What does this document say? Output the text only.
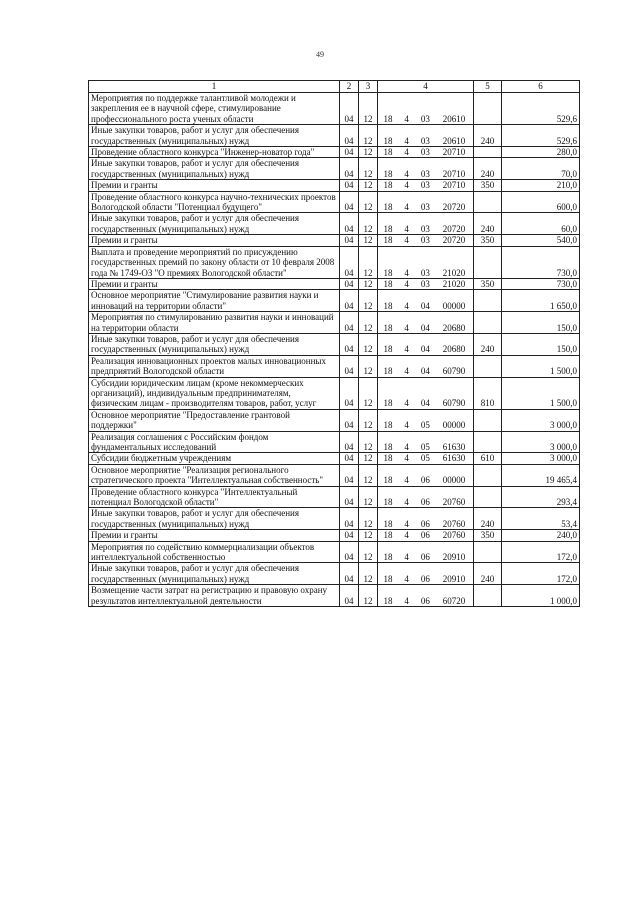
49
1	2	3	4	5	6
Мероприятия по поддержке талантливой молодежи и закрепления ее в научной сфере, стимулирование профессионального роста ученых области	04	12	18 4 03 20610		529,6
Иные закупки товаров, работ и услуг для обеспечения государственных (муниципальных) нужд	04	12	18 4 03 20610	240	529,6
Проведение областного конкурса "Инженер-новатор года"	04	12	18 4 03 20710		280,0
Иные закупки товаров, работ и услуг для обеспечения государственных (муниципальных) нужд	04	12	18 4 03 20710	240	70,0
Премии и гранты	04	12	18 4 03 20710	350	210,0
Проведение областного конкурса научно-технических проектов Вологодской области "Потенциал будущего"	04	12	18 4 03 20720		600,0
Иные закупки товаров, работ и услуг для обеспечения государственных (муниципальных) нужд	04	12	18 4 03 20720	240	60,0
Премии и гранты	04	12	18 4 03 20720	350	540,0
Выплата и проведение мероприятий по присуждению государственных премий по закону области от 10 февраля 2008 года № 1749-ОЗ "О премиях Вологодской области"	04	12	18 4 03 21020		730,0
Премии и гранты	04	12	18 4 03 21020	350	730,0
Основное мероприятие "Стимулирование развития науки и инноваций на территории области"	04	12	18 4 04 00000		1 650,0
Мероприятия по стимулированию развития науки и инноваций на территории области	04	12	18 4 04 20680		150,0
Иные закупки товаров, работ и услуг для обеспечения государственных (муниципальных) нужд	04	12	18 4 04 20680	240	150,0
Реализация инновационных проектов малых инновационных предприятий Вологодской области	04	12	18 4 04 60790		1 500,0
Субсидии юридическим лицам (кроме некоммерческих организаций), индивидуальным предпринимателям, физическим лицам - производителям товаров, работ, услуг	04	12	18 4 04 60790	810	1 500,0
Основное мероприятие "Предоставление грантовой поддержки"	04	12	18 4 05 00000		3 000,0
Реализация соглашения с Российским фондом фундаментальных исследований	04	12	18 4 05 61630		3 000,0
Субсидии бюджетным учреждениям	04	12	18 4 05 61630	610	3 000,0
Основное мероприятие "Реализация регионального стратегического проекта "Интеллектуальная собственность"	04	12	18 4 06 00000		19 465,4
Проведение областного конкурса "Интеллектуальный потенциал Вологодской области"	04	12	18 4 06 20760		293,4
Иные закупки товаров, работ и услуг для обеспечения государственных (муниципальных) нужд	04	12	18 4 06 20760	240	53,4
Премии и гранты	04	12	18 4 06 20760	350	240,0
Мероприятия по содействию коммерциализации объектов интеллектуальной собственностью	04	12	18 4 06 20910		172,0
Иные закупки товаров, работ и услуг для обеспечения государственных (муниципальных) нужд	04	12	18 4 06 20910	240	172,0
Возмещение части затрат на регистрацию и правовую охрану результатов интеллектуальной деятельности	04	12	18 4 06 60720		1 000,0
